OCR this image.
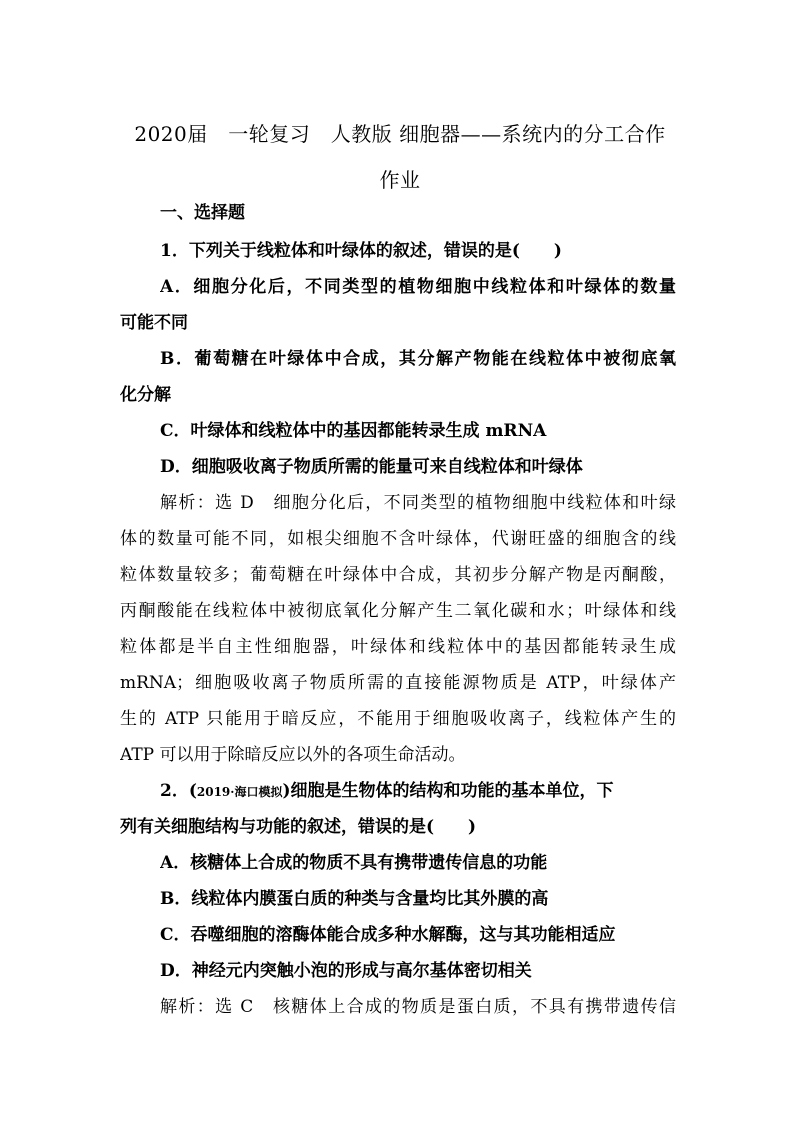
2020届　一轮复习　人教版 细胞器——系统内的分工合作
作业
一、选择题
1．下列关于线粒体和叶绿体的叙述，错误的是(　　)
A．细胞分化后，不同类型的植物细胞中线粒体和叶绿体的数量
可能不同
B．葡萄糖在叶绿体中合成，其分解产物能在线粒体中被彻底氧
化分解
C．叶绿体和线粒体中的基因都能转录生成 mRNA
D．细胞吸收离子物质所需的能量可来自线粒体和叶绿体
解析：选 D　细胞分化后，不同类型的植物细胞中线粒体和叶绿
体的数量可能不同，如根尖细胞不含叶绿体，代谢旺盛的细胞含的线
粒体数量较多；葡萄糖在叶绿体中合成，其初步分解产物是丙酮酸，
丙酮酸能在线粒体中被彻底氧化分解产生二氧化碳和水；叶绿体和线
粒体都是半自主性细胞器，叶绿体和线粒体中的基因都能转录生成
mRNA；细胞吸收离子物质所需的直接能源物质是 ATP，叶绿体产
生的 ATP 只能用于暗反应，不能用于细胞吸收离子，线粒体产生的
ATP 可以用于除暗反应以外的各项生命活动。
2．(2019·海口模拟)细胞是生物体的结构和功能的基本单位，下
列有关细胞结构与功能的叙述，错误的是(　　)
A．核糖体上合成的物质不具有携带遗传信息的功能
B．线粒体内膜蛋白质的种类与含量均比其外膜的高
C．吞噬细胞的溶酶体能合成多种水解酶，这与其功能相适应
D．神经元内突触小泡的形成与高尔基体密切相关
解析：选 C　核糖体上合成的物质是蛋白质，不具有携带遗传信
